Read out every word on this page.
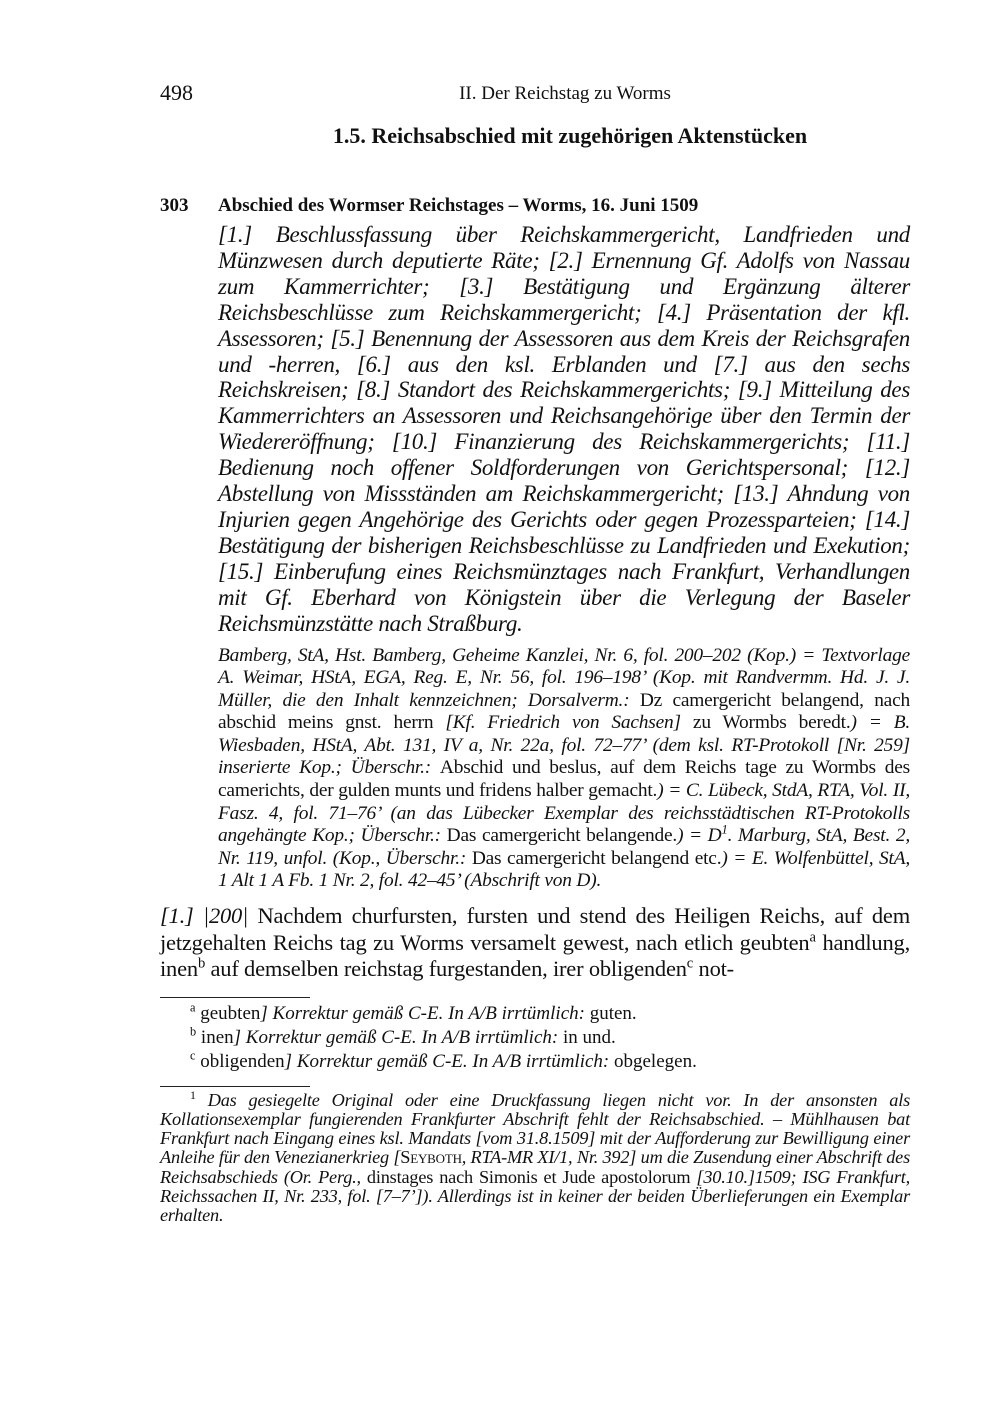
498	II. Der Reichstag zu Worms
1.5. Reichsabschied mit zugehörigen Aktenstücken
303	Abschied des Wormser Reichstages – Worms, 16. Juni 1509
[1.] Beschlussfassung über Reichskammergericht, Landfrieden und Münzwesen durch deputierte Räte; [2.] Ernennung Gf. Adolfs von Nassau zum Kammerrichter; [3.] Bestätigung und Ergänzung älterer Reichsbeschlüsse zum Reichskammergericht; [4.] Präsentation der kfl. Assessoren; [5.] Benennung der Assessoren aus dem Kreis der Reichsgrafen und -herren, [6.] aus den ksl. Erblanden und [7.] aus den sechs Reichskreisen; [8.] Standort des Reichskammergerichts; [9.] Mitteilung des Kammerrichters an Assessoren und Reichsangehörige über den Termin der Wiedereröffnung; [10.] Finanzierung des Reichskammergerichts; [11.] Bedienung noch offener Soldforderungen von Gerichtspersonal; [12.] Abstellung von Missständen am Reichskammergericht; [13.] Ahndung von Injurien gegen Angehörige des Gerichts oder gegen Prozessparteien; [14.] Bestätigung der bisherigen Reichsbeschlüsse zu Landfrieden und Exekution; [15.] Einberufung eines Reichsmünztages nach Frankfurt, Verhandlungen mit Gf. Eberhard von Königstein über die Verlegung der Baseler Reichsmünzstätte nach Straßburg.
Bamberg, StA, Hst. Bamberg, Geheime Kanzlei, Nr. 6, fol. 200–202 (Kop.) = Textvorlage A. Weimar, HStA, EGA, Reg. E, Nr. 56, fol. 196–198’ (Kop. mit Randvermm. Hd. J. J. Müller, die den Inhalt kennzeichnen; Dorsalverm.: Dz camergericht belangend, nach abschid meins gnst. herrn [Kf. Friedrich von Sachsen] zu Wormbs beredt.) = B. Wiesbaden, HStA, Abt. 131, IV a, Nr. 22a, fol. 72–77’ (dem ksl. RT-Protokoll [Nr. 259] inserierte Kop.; Überschr.: Abschid und beslus, auf dem Reichs tage zu Wormbs des camerichts, der gulden munts und fridens halber gemacht.) = C. Lübeck, StdA, RTA, Vol. II, Fasz. 4, fol. 71–76’ (an das Lübecker Exemplar des reichsstädtischen RT-Protokolls angehängte Kop.; Überschr.: Das camergericht belangende.) = $D^1$. Marburg, StA, Best. 2, Nr. 119, unfol. (Kop., Überschr.: Das camergericht belangend etc.) = E. Wolfenbüttel, StA, 1 Alt 1 A Fb. 1 Nr. 2, fol. 42–45’ (Abschrift von D).
[1.] |200| Nachdem churfursten, fursten und stend des Heiligen Reichs, auf dem jetzgehalten Reichs tag zu Worms versamelt gewest, nach etlich geubten$^a$ handlung, inen$^b$ auf demselben reichstag furgestanden, irer obligenden$^c$ not-
$^a$ geubten] Korrektur gemäß C-E. In A/B irrtümlich: guten.
$^b$ inen] Korrektur gemäß C-E. In A/B irrtümlich: in und.
$^c$ obligenden] Korrektur gemäß C-E. In A/B irrtümlich: obgelegen.
$^1$ Das gesiegelte Original oder eine Druckfassung liegen nicht vor. In der ansonsten als Kollationsexemplar fungierenden Frankfurter Abschrift fehlt der Reichsabschied. – Mühlhausen bat Frankfurt nach Eingang eines ksl. Mandats [vom 31.8.1509] mit der Aufforderung zur Bewilligung einer Anleihe für den Venezianerkrieg [Seyboth, RTA-MR XI/1, Nr. 392] um die Zusendung einer Abschrift des Reichsabschieds (Or. Perg., dinstages nach Simonis et Jude apostolorum [30.10.]1509; ISG Frankfurt, Reichssachen II, Nr. 233, fol. [7–7’]). Allerdings ist in keiner der beiden Überlieferungen ein Exemplar erhalten.
